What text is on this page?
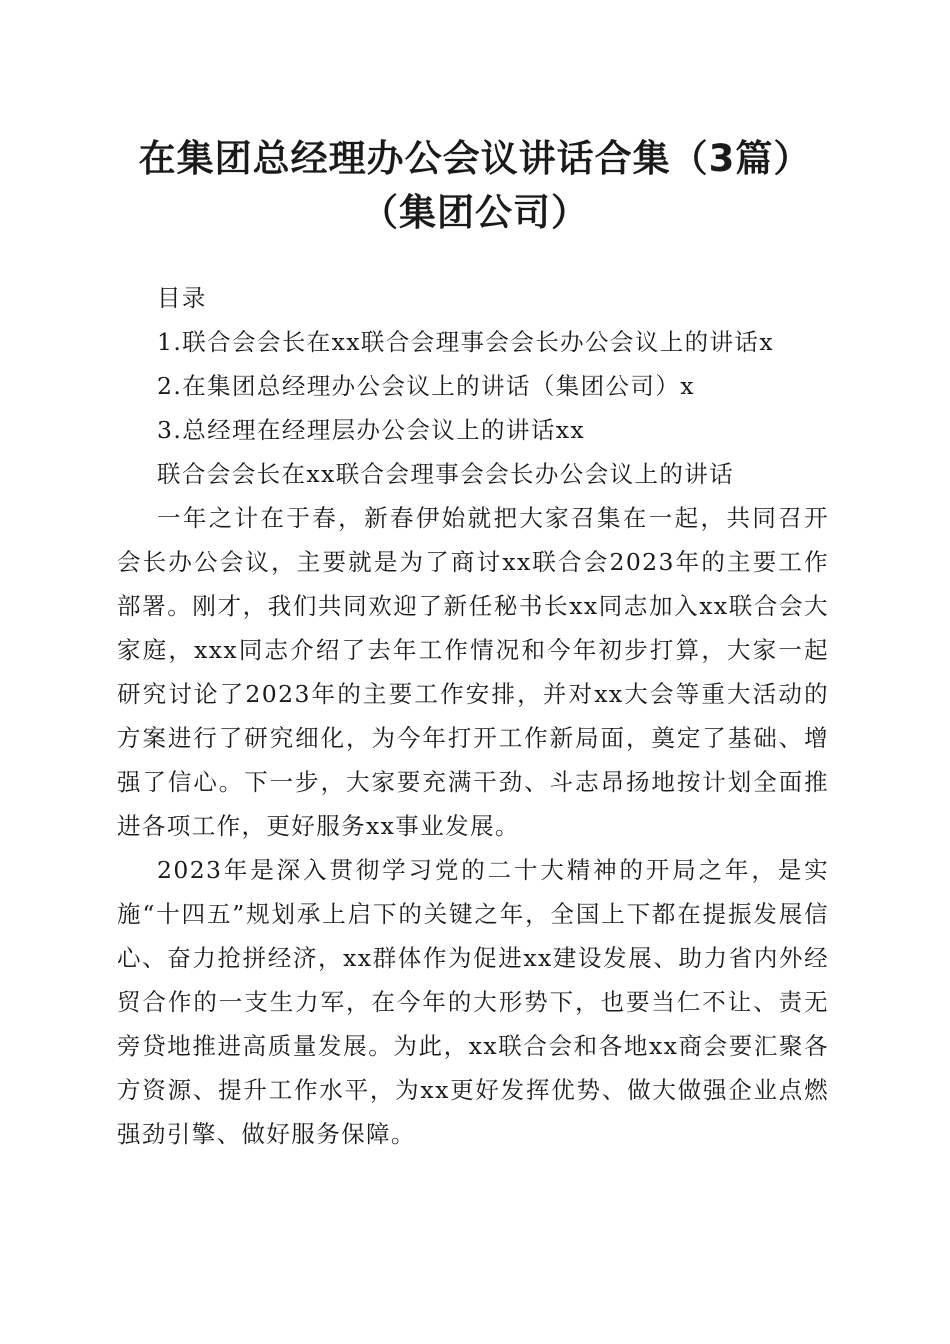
在集团总经理办公会议讲话合集（3篇）（集团公司）

目录

1.联合会会长在xx联合会理事会会长办公会议上的讲话x

2.在集团总经理办公会议上的讲话（集团公司）x

3.总经理在经理层办公会议上的讲话xx

联合会会长在xx联合会理事会会长办公会议上的讲话

一年之计在于春，新春伊始就把大家召集在一起，共同召开会长办公会议，主要就是为了商讨xx联合会2023年的主要工作部署。刚才，我们共同欢迎了新任秘书长xx同志加入xx联合会大家庭，xxx同志介绍了去年工作情况和今年初步打算，大家一起研究讨论了2023年的主要工作安排，并对xx大会等重大活动的方案进行了研究细化，为今年打开工作新局面，奠定了基础、增强了信心。下一步，大家要充满干劲、斗志昂扬地按计划全面推进各项工作，更好服务xx事业发展。

2023年是深入贯彻学习党的二十大精神的开局之年，是实施“十四五”规划承上启下的关键之年，全国上下都在提振发展信心、奋力抢拼经济，xx群体作为促进xx建设发展、助力省内外经贸合作的一支生力军，在今年的大形势下，也要当仁不让、责无旁贷地推进高质量发展。为此，xx联合会和各地xx商会要汇聚各方资源、提升工作水平，为xx更好发挥优势、做大做强企业点燃强劲引擎、做好服务保障。
